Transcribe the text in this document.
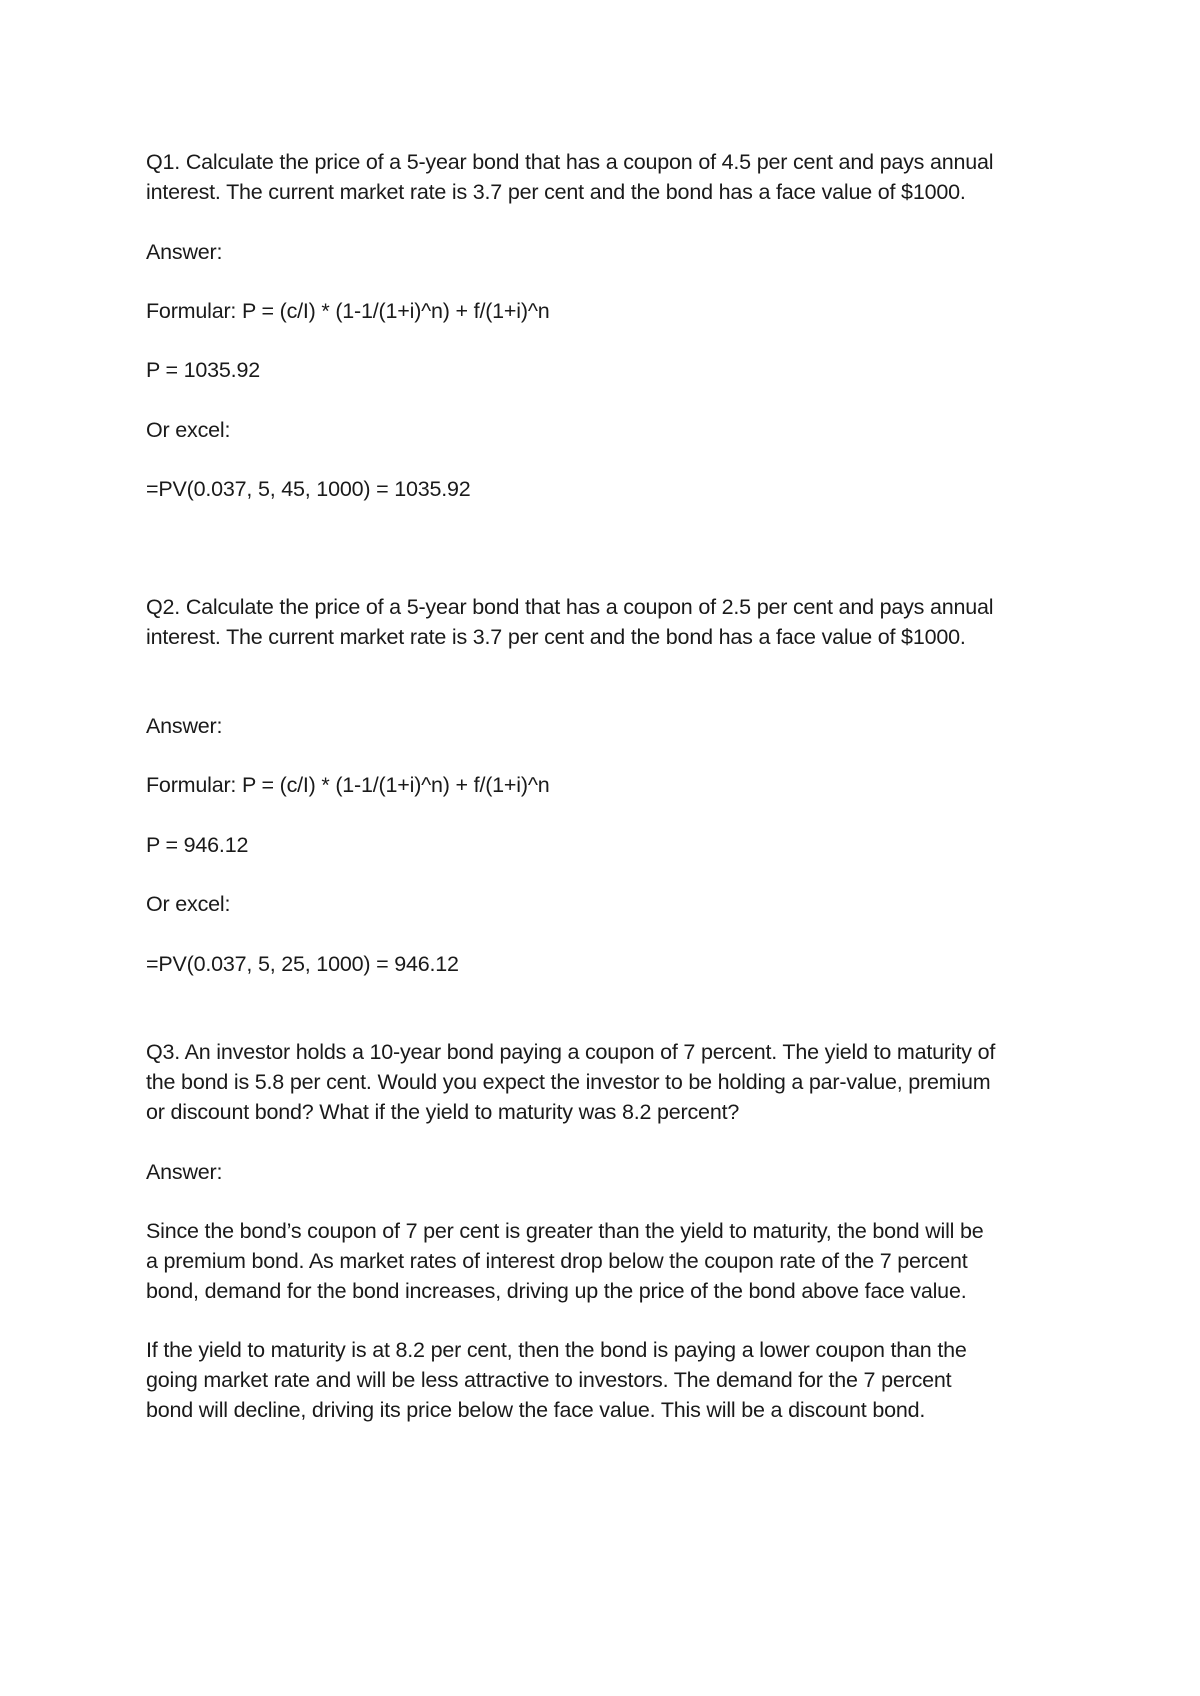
Q1. Calculate the price of a 5-year bond that has a coupon of 4.5 per cent and pays annual
interest. The current market rate is 3.7 per cent and the bond has a face value of $1000.
Answer:
Formular: P = (c/I) * (1-1/(1+i)^n) + f/(1+i)^n
P = 1035.92
Or excel:
=PV(0.037, 5, 45, 1000) = 1035.92
Q2. Calculate the price of a 5-year bond that has a coupon of 2.5 per cent and pays annual
interest. The current market rate is 3.7 per cent and the bond has a face value of $1000.
Answer:
Formular: P = (c/I) * (1-1/(1+i)^n) + f/(1+i)^n
P = 946.12
Or excel:
=PV(0.037, 5, 25, 1000) = 946.12
Q3. An investor holds a 10-year bond paying a coupon of 7 percent. The yield to maturity of
the bond is 5.8 per cent. Would you expect the investor to be holding a par-value, premium
or discount bond? What if the yield to maturity was 8.2 percent?
Answer:
Since the bond’s coupon of 7 per cent is greater than the yield to maturity, the bond will be
a premium bond. As market rates of interest drop below the coupon rate of the 7 percent
bond, demand for the bond increases, driving up the price of the bond above face value.
If the yield to maturity is at 8.2 per cent, then the bond is paying a lower coupon than the
going market rate and will be less attractive to investors. The demand for the 7 percent
bond will decline, driving its price below the face value. This will be a discount bond.
